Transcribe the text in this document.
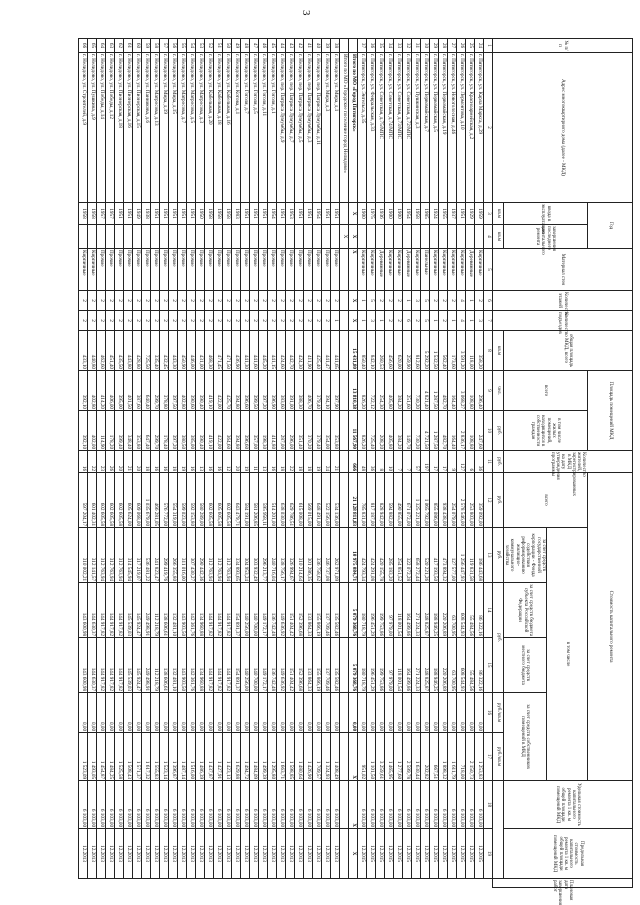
3
№ п/п	Адрес многоквартирного дома (далее - МКД)	Год		Материал стен	Количество этажей	Количество подъездов	общая площадь МКД, всего	Площадь помещений МКД		Количество жителей, зарегистрированных в МКД на дату утверждения программы	Стоимость капитального ремонта						Удельная стоимость капитального ремонта 1 кв. м общей площади помещений МКД	Предельная стоимость капитального ремонта 1 кв. м общей площади помещений МКД	Плановая дата завершения работ
		ввода в эксплуатацию	завершения последнего капитального ремонта					всего	в том числе жилых помещений, находящихся в собственности граждан		всего	в том числе							
												за счет средств государственной корпорации - Фонда содействия реформированию жилищно-коммунального хозяйства	за счет средств бюджета субъекта Российской Федерации	за счет средств местного бюджета	за счет средств собственников помещений в МКД				
		кв.м	кв.м				кв.м	чел.	руб.	руб.	руб.	руб.	руб.		руб./кв.м	руб./кв.м			
1	2	3	4	5	6	7	8	9	10	11	12	13	14	15	16	17	18	19	
24	г. Пятигорск, ул. Карла Маркса, д.29	1959		Кирпичные	2	3	358,20	296,40	247,60	36	359 092,00	186 443,68	86 322,16	86 322,16	0,00	1 253,83	6 103,00	12.2015	
25	г. Пятигорск, ул. Красноармейская, д.2	1929		Деревянные	1	1	118,00	108,80	108,80	6	253 803,00	119 831,58	55 484,56	55 484,56	0,00	2 150,73	6 103,00	12.2015	
26	г. Пятигорск, ул. Лермонтова, д.10	1951		Кирпичные	4	4	3 591,20	3 068,27	2 836,17	127	2 578 546,00	1 256 447,93	608 544,93	608 544,93	0,00	718,00	6 103,00	12.2015	
27	г. Пятигорск, ул. Новоголосная, д.46	1937		Кирпичные	2	1	173,60	164,40	164,40	9	254 079,00	127 577,00	63 700,95	63 700,95	0,00	1 611,79	6 103,00	12.2015	
28	г. Пятигорск, ул. Первомайская, д.19	1955		Кирпичные	2	2	562,40	482,70	482,70	17	938 438,00	473 894,32	220 206,89	220 206,89	0,00	1 898,32	6 103,00	12.2015	
29	г. Пятигорск, ул. Первомайская, д.5	1924		Кирпичные	2	1	1 532,50	1 287,50	1 287,50	17	855 086,00	417 193,50	188 946,25	188 946,25	0,00	667,51	6 103,00	12.2015	
30	г. Пятигорск, ул. Первомайская, д.7	1985		Панельные	5	5	5 292,20	4 821,40	4 721,50	197	1 065 792,00	520 221,26	248 825,87	248 825,87	0,00	202,82	6 103,00	12.2015	
31	г. Пятигорск, ул. Пушкинская, д.3	1958		Кирпичные	3	2	812,60	730,20	730,20	57	1 325 221,00	658 272,44	271 224,33	271 224,33	0,00	1 630,44	6 103,00	12.2015	
32	г. Пятигорск, ул. Советская, д.72/МПС	1954		Деревянные	1	6	259,90	251,60	149,70	7	671 072,00	322 072,28	164 499,86	164 499,86	0,00	2 599,78	6 103,00	12.2015	
33	г. Пятигорск, ул. Советская, д.73/МПС	1900		Кирпичные	2	2	620,00	384,20	384,20	7	490 855,00	254 851,52	118 001,54	118 001,54	0,00	1 277,60	6 103,00	12.2015	
34	г. Пятигорск, ул. Советская, д.74/МПС	1900		Кирпичные	2	2	456,60	405,80	405,80	10	594 882,00	285 183,20	97 979,00	97 979,00	0,00	1 465,95	6 103,00	12.2015	
35	г. Пятигорск, ул. Советская, д.75/МПС	1936		Деревянные	2	1	260,53	254,30	208,20	8	828 942,00	420 155,78	199 753,86	199 753,86	0,00	3 259,61	6 103,00	12.2015	
36	г. Пятигорск, ул. Февральская, д.33	1975		Кирпичные	5	3	842,10	722,12	725,40	36	817 187,00	424 291,08	196 451,29	196 451,29	0,00	1 101,50	6 103,00	12.2015	
37	г. Пятигорск, ул. Энгельса, д.35	1900		Кирпичные	1	1	850,40	826,20	826,20	48	785 831,00	424 793,34	180 718,79	180 718,79	0,00	951,02	6 103,00	12.2015	
	Итого по МО «Город Пятигорск»	X	X	X	X	X	15 431,80	13 810,38	11 567,90	666	21 128 811,83	10 975 084,71	5 079 368,76	5 079 368,76	0,00	X	X	X	
	Итого по МО «Городское поселение город Нелидово»		X																
38	г. Нелидово, ул. Мира, д.1	1951		Прочие	2	1	441,65	397,90	353,80	21	534 136,00	262 971,09	135 582,46	135 582,46	0,00	1 408,49	6 103,00	12.2013	
39	г. Нелидово, ул. Мира, д.3	1951		Прочие	2	2	441,47	394,10	354,00	24	522 156,00	246 737,08	137 709,46	137 709,46	0,00	1 324,93	6 103,00	12.2013	
40	г. Нелидово, пер. Патриса Лумумбы, д.11	1954		Прочие	2	2	425,40	379,40	379,40	19	648 491,00	336 758,62	155 866,19	155 866,19	0,00	1 709,57	6 103,00	12.2013	
41	г. Нелидово, пер. Патриса Лумумбы, д.3	1951		Прочие	2	2	411,90	406,70	370,20	18	569 015,00	301 286,35	133 864,33	133 864,33	0,00	1 426,90	6 103,00	12.2013	
42	г. Нелидово, пер. Патриса Лумумбы, д.5	1951		Прочие	2	2	424,30	388,30	351,40	18	615 008,00	310 214,64	152 396,68	152 396,68	0,00	1 480,64	6 103,00	12.2013	
43	г. Нелидово, пер. Патриса Лумумбы, д.7	1953		Прочие	2	2	442,70	391,00	296,00	22	629 786,51	326 994,67	151 404,42	151 404,42	0,00	1 598,85	6 103,00	12.2013	
44	г. Нелидово, пер. Патриса Лумумбы, д.9	1951		Прочие	2	2	424,60	383,60	287,00	18	638 030,00	338 756,17	149 636,92	149 636,92	0,00	1 663,71	6 103,00	12.2013	
45	г. Нелидово, ул. Гоголя, д.1	1954		Прочие	2	2	441,15	396,90	414,80	16	514 201,00	240 716,04	136 742,48	136 742,48	0,00	1 295,80	6 103,00	12.2013	
46	г. Нелидово, ул. Гоголя, д.11	1951		Прочие	2	2	445,20	397,20	198,30	13	595 958,11	296 213,77	149 172,17	149 172,17	0,00	1 499,39	6 103,00	12.2013	
47	г. Нелидово, ул. Гоголя, д.5	1951		Прочие	2	2	441,60	399,50	357,00	11	581 206,85	303 932,49	140 700,00	140 700,00	0,00	1 484,09	6 103,00	12.2013	
48	г. Нелидово, ул. Гоголя, д.7	1951		Прочие	2	2	441,30	396,60	396,60	19	584 191,00	304 953,24	140 256,00	140 256,00	0,00	1 494,72	6 103,00	12.2013	
49	г. Нелидово, ул. Котова, д.1	1983		Прочие	2	2	436,90	394,80	394,80	20	643 479,71	334 893,65	154 891,37	154 891,37	0,00	1 629,88	6 103,00	12.2013	
50	г. Нелидово, ул. Кабельная, д.16	1958		Прочие	2	2	471,50	425,70	364,60	12	602 605,58	312 763,94	144 917,82	144 917,82	0,00	1 423,13	6 103,00	12.2013	
51	г. Нелидово, ул. Кабельная, д.18	1958		Прочие	2	2	471,45	422,00	422,00	16	605 605,58	312 763,94	144 917,82	144 917,82	0,00	1 427,91	6 103,00	12.2013	
52	г. Нелидово, ул. Кабельная, д.20	1958		Прочие	2	2	468,30	419,10	419,10	16	602 605,58	312 763,94	144 917,82	144 917,82	0,00	1 437,87	6 103,00	12.2013	
53	г. Нелидово, ул. Матросова, д.3	1950		Прочие	2	2	431,00	390,40	390,40	13	580 289,00	290 442,36	134 960,88	134 960,88	0,00	1 486,39	6 103,00	12.2013	
54	г. Нелидово, ул. Матросова, д.5	1951		Прочие	2	2	446,00	390,60	385,00	16	592 153,80	307 430,27	142 361,76	142 361,76	0,00	1 516,00	6 103,00	12.2013	
55	г. Нелидово, ул. Матросова, д.7	1951		Прочие	2	2	450,90	402,80	380,50	19	599 023,00	311 016,00	143 903,50	143 903,50	0,00	1 487,14	6 103,00	12.2013	
56	г. Нелидово, ул. Мира, д.15	1951		Прочие	2	2	443,30	397,50	397,20	18	554 319,00	266 355,80	132 481,10	132 481,10	0,00	1 396,87	6 103,00	12.2013	
57	г. Нелидово, ул. Мира, д.19	1951		Прочие	2	2	432,45	378,80	178,40	16	576 772,00	299 419,76	138 606,61	138 606,61	0,00	1 523,14	6 103,00	12.2013	
58	г. Нелидово, ул. Матросова, д.13	1951		Прочие	2	2	335,40	299,70	299,70	16	466 281,05	241 823,47	112 218,79	112 218,79	0,00	1 555,83	6 103,00	12.2013	
59	г. Нелидово, ул. Панникова, д.6	1938		Прочие	2	2	725,50	640,40	647,40	18	1 035 679,00	536 481,22	249 498,91	249 498,91	0,00	1 617,32	6 103,00	12.2013	
60	г. Нелидово, ул. Пионерская, д.15	1949		Прочие	2	2	428,80	387,60	353,80	20	609 068,00	317 219,07	145 924,47	145 924,47	0,00	1 571,37	6 103,00	12.2013	
61	г. Нелидово, ул. Пионерская, д.16	1951		Прочие	2	2	443,80	401,50	348,40	21	605 624,00	314 545,94	145 539,03	145 539,03	0,00	1 508,43	6 103,00	12.2013	
62	г. Нелидово, ул. Пионерская, д.18	1951		Прочие	2	2	435,50	395,00	399,40	20	602 605,58	312 763,94	144 917,82	144 917,82	0,00	1 525,58	6 103,00	12.2013	
63	г. Нелидово, ул. Победы, д.12	1957		Прочие	2	2	451,40	406,00	178,20	26	602 605,58	312 763,94	144 917,82	144 917,82	0,00	1 484,25	6 103,00	12.2013	
64	г. Нелидово, ул. Победы, д.14	1957		Прочие	2	2	462,60	414,20	114,90	23	602 605,58	312 763,94	144 917,82	144 917,82	0,00	1 454,87	6 103,00	12.2013	
65	г. Нелидово, ул. Пушкина, д.9	1958		Кирпичные	2	2	440,80	402,80	402,00	22	601 402,31	312 141,57	144 630,37	144 630,37	0,00	1 493,05	6 103,00	12.2013	
66	г. Нелидово, ул. Строителей, д.9	1958		Кирпичные	2	2	433,10	392,10	392,10	16	597 204,17	310 002,21	143 600,98	143 600,98	0,00	1 523,09	6 103,00	12.2013	
